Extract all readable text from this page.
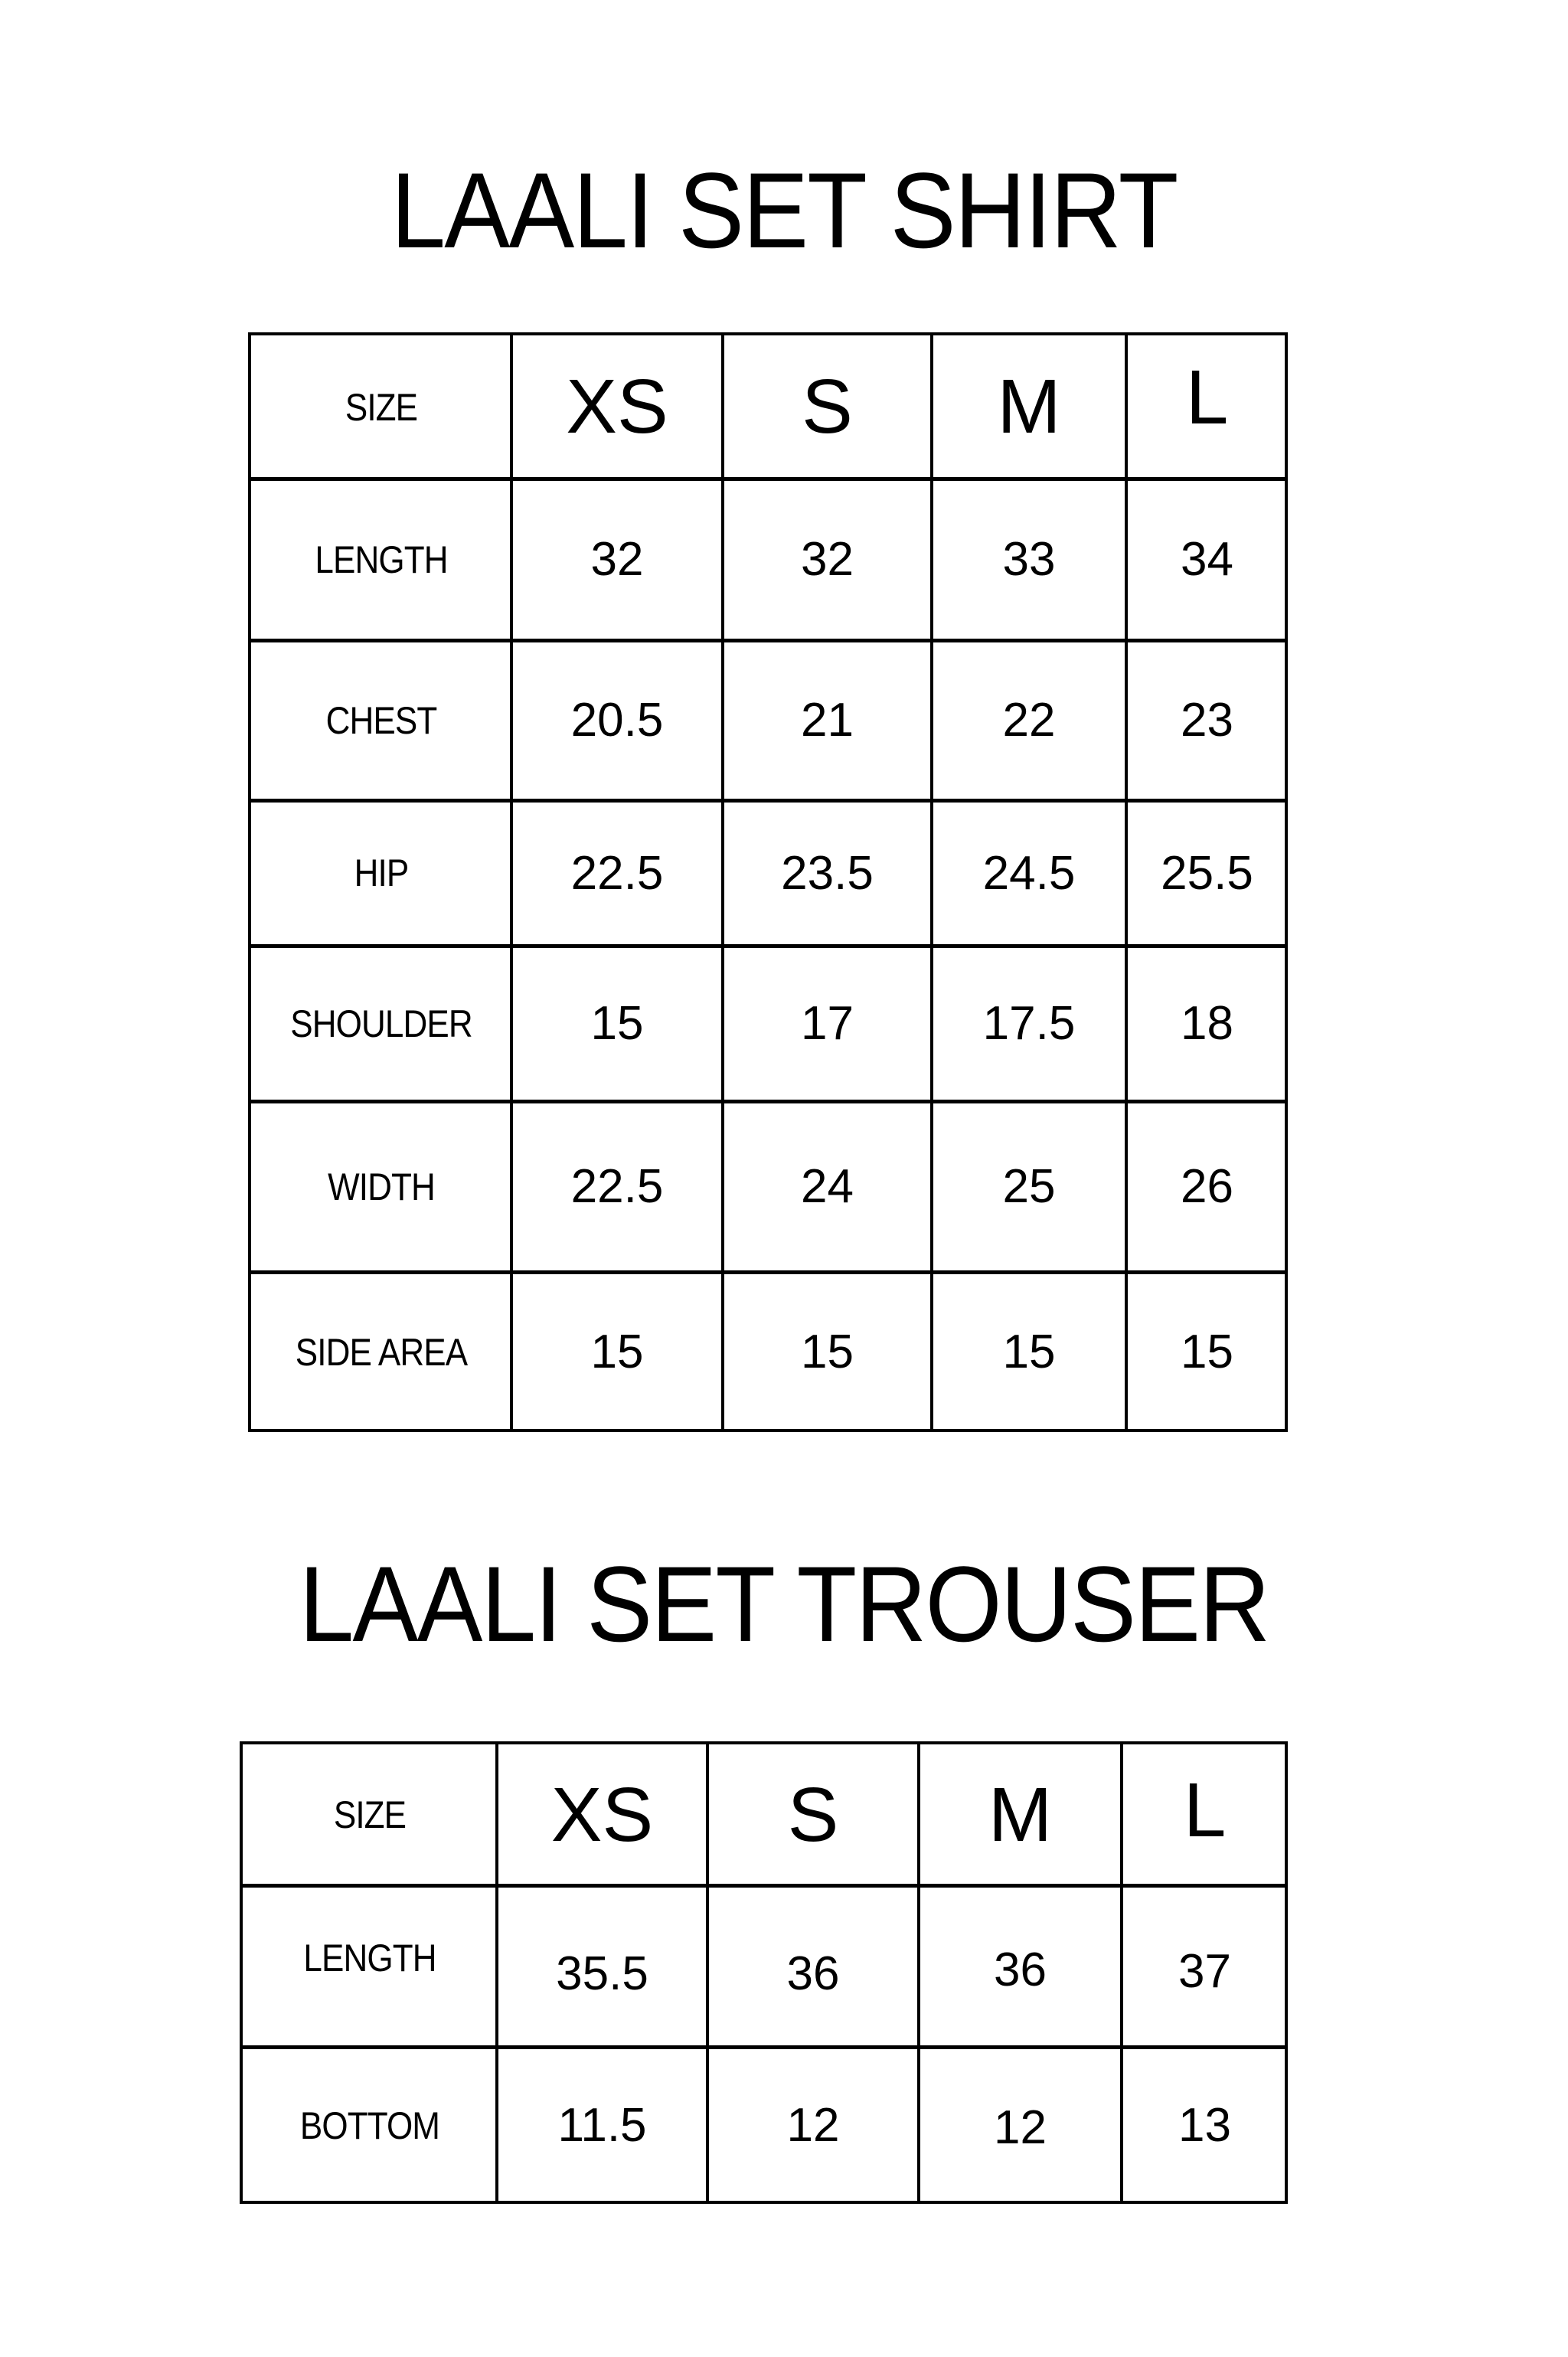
LAALI SET SHIRT
SIZE	XS	S	M	L
LENGTH	32	32	33	34
CHEST	20.5	21	22	23
HIP	22.5	23.5	24.5	25.5
SHOULDER	15	17	17.5	18
WIDTH	22.5	24	25	26
SIDE AREA	15	15	15	15
LAALI SET TROUSER
SIZE	XS	S	M	L
LENGTH	35.5	36	36	37
BOTTOM	11.5	12	12	13
